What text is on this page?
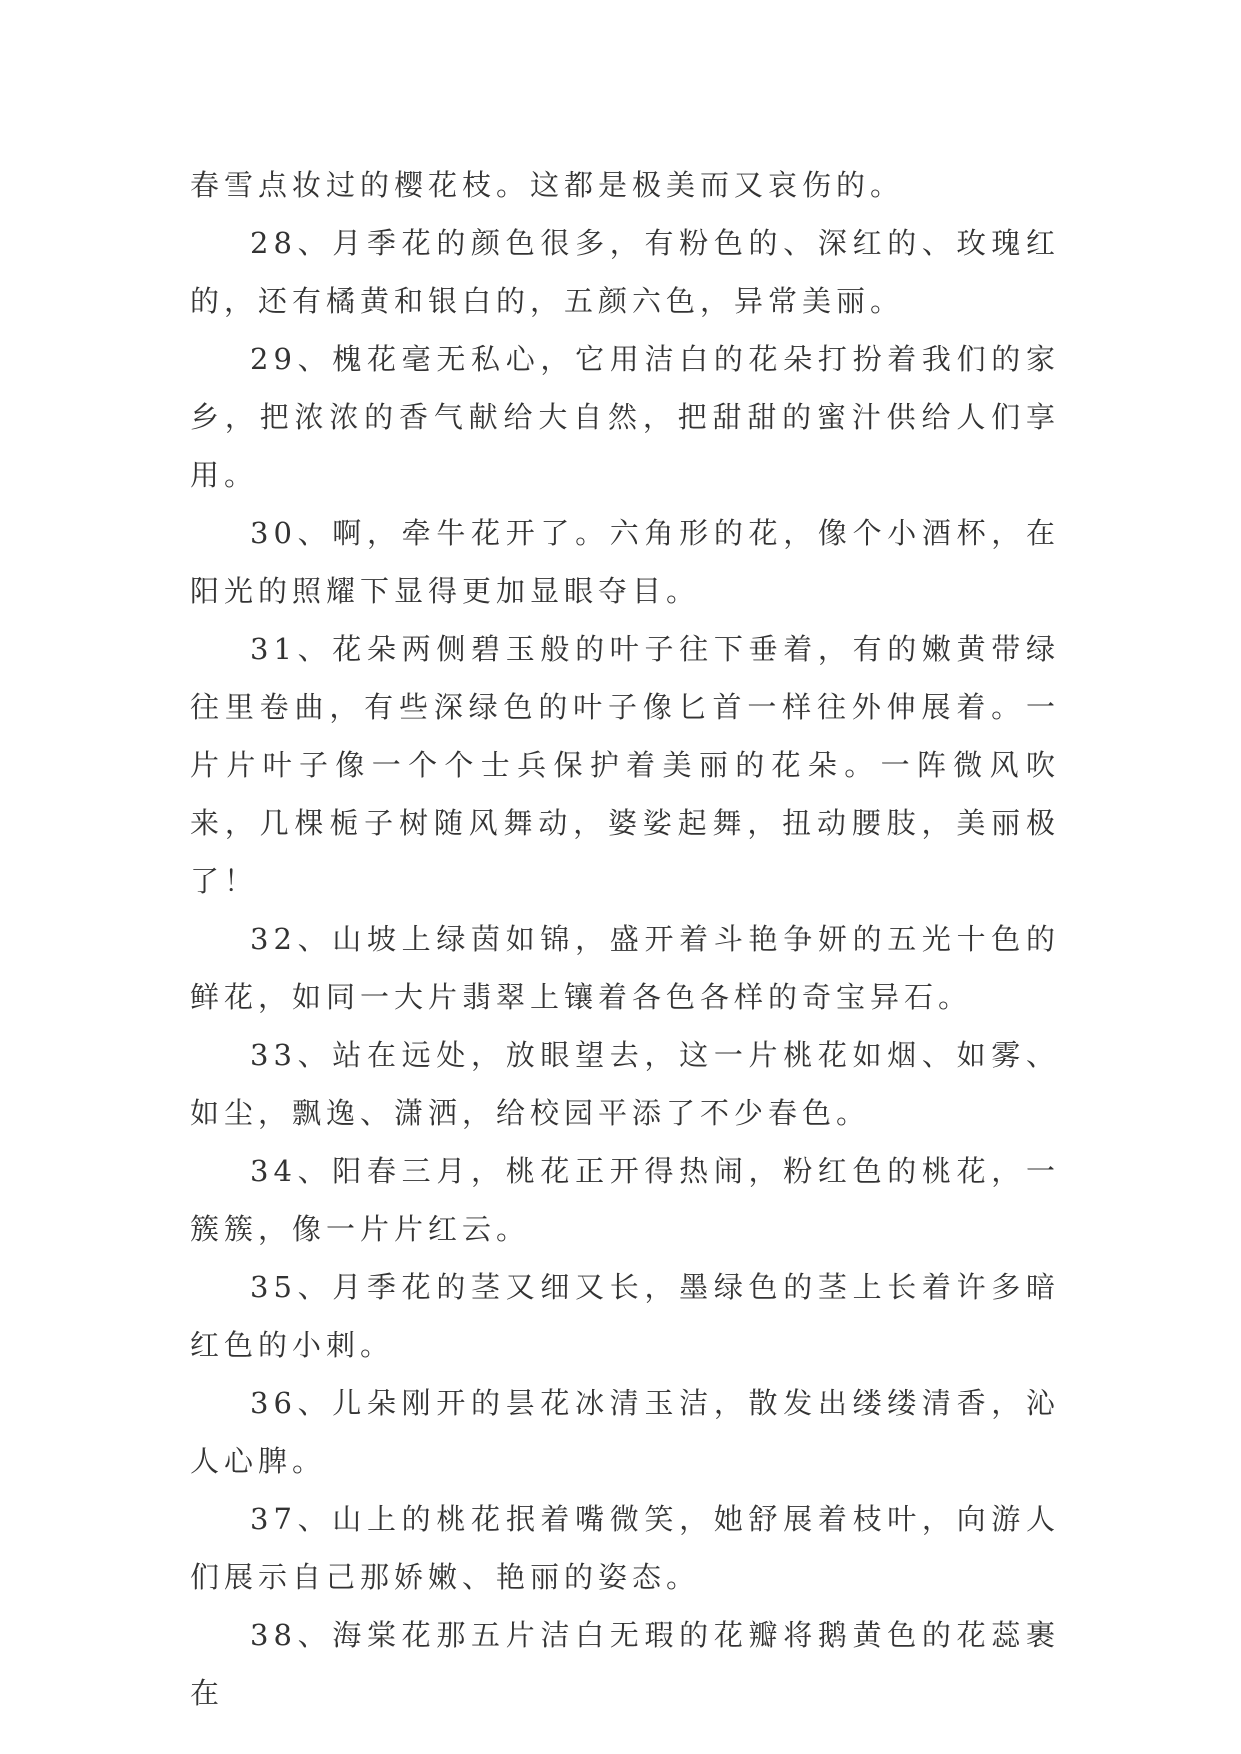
春雪点妆过的樱花枝。这都是极美而又哀伤的。

28、月季花的颜色很多，有粉色的、深红的、玫瑰红的，还有橘黄和银白的，五颜六色，异常美丽。

29、槐花毫无私心，它用洁白的花朵打扮着我们的家乡，把浓浓的香气献给大自然，把甜甜的蜜汁供给人们享用。

30、啊，牵牛花开了。六角形的花，像个小酒杯，在阳光的照耀下显得更加显眼夺目。

31、花朵两侧碧玉般的叶子往下垂着，有的嫩黄带绿往里卷曲，有些深绿色的叶子像匕首一样往外伸展着。一片片叶子像一个个士兵保护着美丽的花朵。一阵微风吹来，几棵栀子树随风舞动，婆娑起舞，扭动腰肢，美丽极了！

32、山坡上绿茵如锦，盛开着斗艳争妍的五光十色的鲜花，如同一大片翡翠上镶着各色各样的奇宝异石。

33、站在远处，放眼望去，这一片桃花如烟、如雾、如尘，飘逸、潇洒，给校园平添了不少春色。

34、阳春三月，桃花正开得热闹，粉红色的桃花，一簇簇，像一片片红云。

35、月季花的茎又细又长，墨绿色的茎上长着许多暗红色的小刺。

36、儿朵刚开的昙花冰清玉洁，散发出缕缕清香，沁人心脾。

37、山上的桃花抿着嘴微笑，她舒展着枝叶，向游人们展示自己那娇嫩、艳丽的姿态。

38、海棠花那五片洁白无瑕的花瓣将鹅黄色的花蕊裹在
